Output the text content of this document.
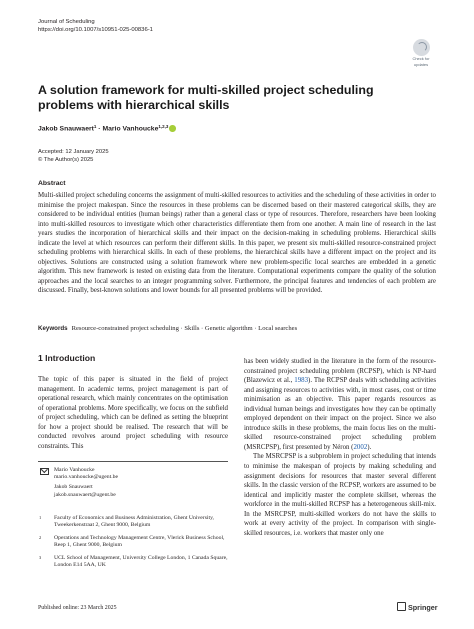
Journal of Scheduling
https://doi.org/10.1007/s10951-025-00836-1
Check for
updates
A solution framework for multi-skilled project scheduling problems with hierarchical skills
Jakob Snauwaert$^1$ · Mario Vanhoucke$^{1,2,3}$
Accepted: 12 January 2025
© The Author(s) 2025
Abstract
Multi-skilled project scheduling concerns the assignment of multi-skilled resources to activities and the scheduling of these activities in order to minimise the project makespan. Since the resources in these problems can be discerned based on their mastered categorical skills, they are considered to be individual entities (human beings) rather than a general class or type of resources. Therefore, researchers have been looking into multi-skilled resources to investigate which other characteristics differentiate them from one another. A main line of research in the last years studies the incorporation of hierarchical skills and their impact on the decision-making in scheduling problems. Hierarchical skills indicate the level at which resources can perform their different skills. In this paper, we present six multi-skilled resource-constrained project scheduling problems with hierarchical skills. In each of these problems, the hierarchical skills have a different impact on the project and its objectives. Solutions are constructed using a solution framework where new problem-specific local searches are embedded in a genetic algorithm. This new framework is tested on existing data from the literature. Computational experiments compare the quality of the solution approaches and the local searches to an integer programming solver. Furthermore, the principal features and tendencies of each problem are discussed. Finally, best-known solutions and lower bounds for all presented problems will be provided.
Keywords Resource-constrained project scheduling · Skills · Genetic algorithm · Local searches
1 Introduction

The topic of this paper is situated in the field of project management. In academic terms, project management is part of operational research, which mainly concentrates on the optimisation of operational problems. More specifically, we focus on the subfield of project scheduling, which can be defined as setting the blueprint for how a project should be realised. The research that will be conducted revolves around project scheduling with resource constraints. This

has been widely studied in the literature in the form of the resource-constrained project scheduling problem (RCPSP), which is NP-hard (Blazewicz et al., 1983). The RCPSP deals with scheduling activities and assigning resources to activities with, in most cases, cost or time minimisation as an objective. This paper regards resources as individual human beings and investigates how they can be optimally employed dependent on their impact on the project. Since we also introduce skills in these problems, the main focus lies on the multi-skilled resource-constrained project scheduling problem (MSRCPSP), first presented by Néron (2002).

The MSRCPSP is a subproblem in project scheduling that intends to minimise the makespan of projects by making scheduling and assignment decisions for resources that master several different skills. In the classic version of the RCPSP, workers are assumed to be identical and implicitly master the complete skillset, whereas the workforce in the multi-skilled RCPSP has a heterogeneous skill-mix. In the MSRCPSP, multi-skilled workers do not have the skills to work at every activity of the project. In comparison with single-skilled resources, i.e. workers that master only one

Mario Vanhoucke
mario.vanhoucke@ugent.be
Jakob Snauwaert
jakob.snauwaert@ugent.be
1 Faculty of Economics and Business Administration, Ghent University, Tweekerkenstraat 2, Ghent 9000, Belgium
2 Operations and Technology Management Centre, Vlerick Business School, Reep 1, Ghent 9000, Belgium
3 UCL School of Management, University College London, 1 Canada Square, London E14 5AA, UK
Published online: 23 March 2025	Springer
